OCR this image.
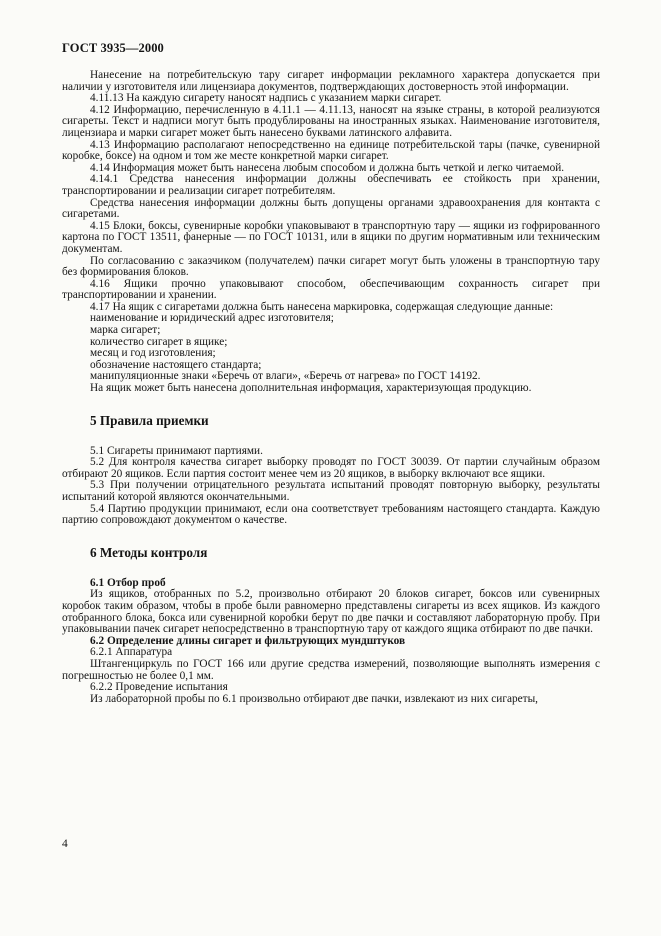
ГОСТ 3935—2000

Нанесение на потребительскую тару сигарет информации рекламного характера допускается при наличии у изготовителя или лицензиара документов, подтверждающих достоверность этой информации.

4.11.13 На каждую сигарету наносят надпись с указанием марки сигарет.

4.12 Информацию, перечисленную в 4.11.1 — 4.11.13, наносят на языке страны, в которой реализуются сигареты. Текст и надписи могут быть продублированы на иностранных языках. Наименование изготовителя, лицензиара и марки сигарет может быть нанесено буквами латинского алфавита.

4.13 Информацию располагают непосредственно на единице потребительской тары (пачке, сувенирной коробке, боксе) на одном и том же месте конкретной марки сигарет.

4.14 Информация может быть нанесена любым способом и должна быть четкой и легко читаемой.

4.14.1 Средства нанесения информации должны обеспечивать ее стойкость при хранении, транспортировании и реализации сигарет потребителям.

Средства нанесения информации должны быть допущены органами здравоохранения для контакта с сигаретами.

4.15 Блоки, боксы, сувенирные коробки упаковывают в транспортную тару — ящики из гофрированного картона по ГОСТ 13511, фанерные — по ГОСТ 10131, или в ящики по другим нормативным или техническим документам.

По согласованию с заказчиком (получателем) пачки сигарет могут быть уложены в транспортную тару без формирования блоков.

4.16 Ящики прочно упаковывают способом, обеспечивающим сохранность сигарет при транспортировании и хранении.

4.17 На ящик с сигаретами должна быть нанесена маркировка, содержащая следующие данные:

наименование и юридический адрес изготовителя;

марка сигарет;

количество сигарет в ящике;

месяц и год изготовления;

обозначение настоящего стандарта;

манипуляционные знаки «Беречь от влаги», «Беречь от нагрева» по ГОСТ 14192.

На ящик может быть нанесена дополнительная информация, характеризующая продукцию.

5 Правила приемки

5.1 Сигареты принимают партиями.

5.2 Для контроля качества сигарет выборку проводят по ГОСТ 30039. От партии случайным образом отбирают 20 ящиков. Если партия состоит менее чем из 20 ящиков, в выборку включают все ящики.

5.3 При получении отрицательного результата испытаний проводят повторную выборку, результаты испытаний которой являются окончательными.

5.4 Партию продукции принимают, если она соответствует требованиям настоящего стандарта. Каждую партию сопровождают документом о качестве.

6 Методы контроля

6.1 Отбор проб

Из ящиков, отобранных по 5.2, произвольно отбирают 20 блоков сигарет, боксов или сувенирных коробок таким образом, чтобы в пробе были равномерно представлены сигареты из всех ящиков. Из каждого отобранного блока, бокса или сувенирной коробки берут по две пачки и составляют лабораторную пробу. При упаковывании пачек сигарет непосредственно в транспортную тару от каждого ящика отбирают по две пачки.

6.2 Определение длины сигарет и фильтрующих мундштуков

6.2.1 Аппаратура

Штангенциркуль по ГОСТ 166 или другие средства измерений, позволяющие выполнять измерения с погрешностью не более 0,1 мм.

6.2.2 Проведение испытания

Из лабораторной пробы по 6.1 произвольно отбирают две пачки, извлекают из них сигареты,

4
